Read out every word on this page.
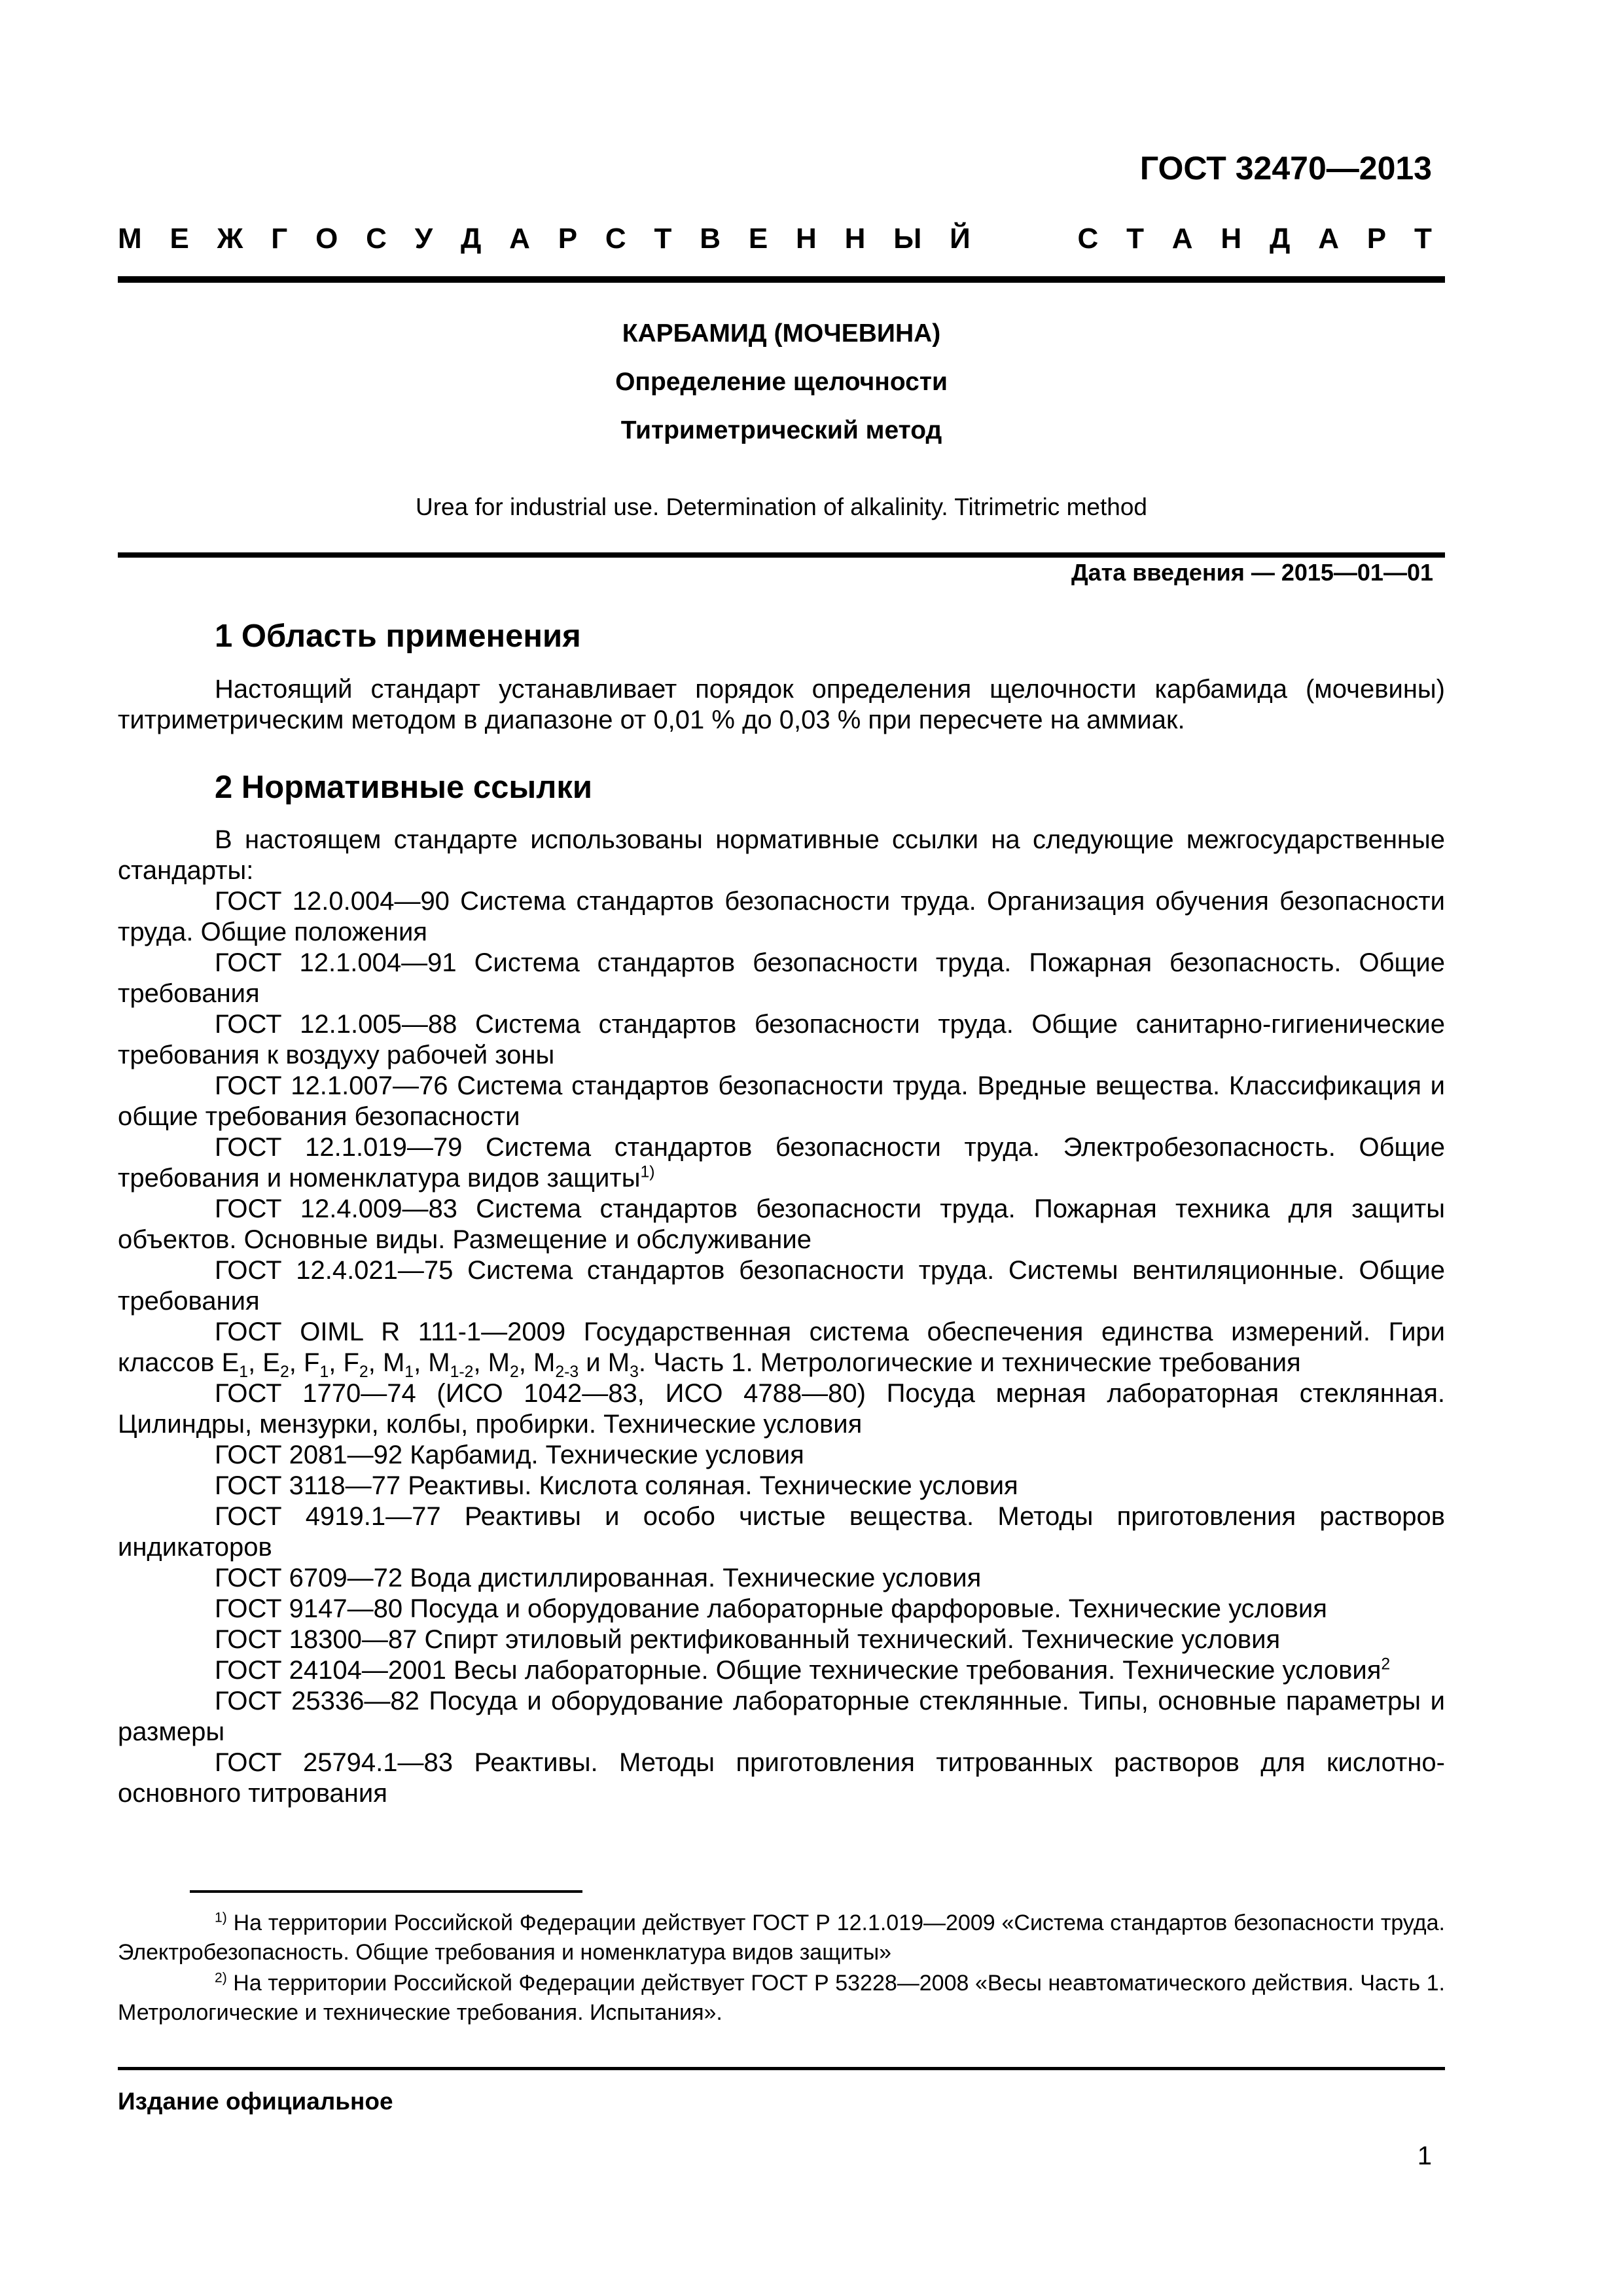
ГОСТ 32470—2013
М Е Ж Г О С У Д А Р С Т В Е Н Н Ы Й	С Т А Н Д А Р Т
КАРБАМИД (МОЧЕВИНА)
Определение щелочности
Титриметрический метод
Urea for industrial use. Determination of alkalinity. Titrimetric method
Дата введения — 2015—01—01
1 Область применения
Настоящий стандарт устанавливает порядок определения щелочности карбамида (мочевины) титриметрическим методом в диапазоне от 0,01 % до 0,03 % при пересчете на аммиак.
2 Нормативные ссылки

В настоящем стандарте использованы нормативные ссылки на следующие межгосударственные стандарты:

ГОСТ 12.0.004—90 Система стандартов безопасности труда. Организация обучения безопасности труда. Общие положения

ГОСТ 12.1.004—91 Система стандартов безопасности труда. Пожарная безопасность. Общие требования

ГОСТ 12.1.005—88 Система стандартов безопасности труда. Общие санитарно-гигиенические требования к воздуху рабочей зоны

ГОСТ 12.1.007—76 Система стандартов безопасности труда. Вредные вещества. Классификация и общие требования безопасности

ГОСТ 12.1.019—79 Система стандартов безопасности труда. Электробезопасность. Общие требования и номенклатура видов защиты$^{1)}$

ГОСТ 12.4.009—83 Система стандартов безопасности труда. Пожарная техника для защиты объектов. Основные виды. Размещение и обслуживание

ГОСТ 12.4.021—75 Система стандартов безопасности труда. Системы вентиляционные. Общие требования

ГОСТ OIML R 111-1—2009 Государственная система обеспечения единства измерений. Гири классов $E_1$, $E_2$, $F_1$, $F_2$, $M_1$, $M_{1-2}$, $M_2$, $M_{2-3}$ и $M_3$. Часть 1. Метрологические и технические требования

ГОСТ 1770—74 (ИСО 1042—83, ИСО 4788—80) Посуда мерная лабораторная стеклянная. Цилиндры, мензурки, колбы, пробирки. Технические условия

ГОСТ 2081—92 Карбамид. Технические условия

ГОСТ 3118—77 Реактивы. Кислота соляная. Технические условия

ГОСТ 4919.1—77 Реактивы и особо чистые вещества. Методы приготовления растворов индикаторов

ГОСТ 6709—72 Вода дистиллированная. Технические условия

ГОСТ 9147—80 Посуда и оборудование лабораторные фарфоровые. Технические условия

ГОСТ 18300—87 Спирт этиловый ректификованный технический. Технические условия

ГОСТ 24104—2001 Весы лабораторные. Общие технические требования. Технические условия$^2$

ГОСТ 25336—82 Посуда и оборудование лабораторные стеклянные. Типы, основные параметры и размеры

ГОСТ 25794.1—83 Реактивы. Методы приготовления титрованных растворов для кислотно-основного титрования

$^{1)}$ На территории Российской Федерации действует ГОСТ Р 12.1.019—2009 «Система стандартов безопасности труда. Электробезопасность. Общие требования и номенклатура видов защиты»
$^{2)}$ На территории Российской Федерации действует ГОСТ Р 53228—2008 «Весы неавтоматического действия. Часть 1. Метрологические и технические требования. Испытания».
Издание официальное
1
